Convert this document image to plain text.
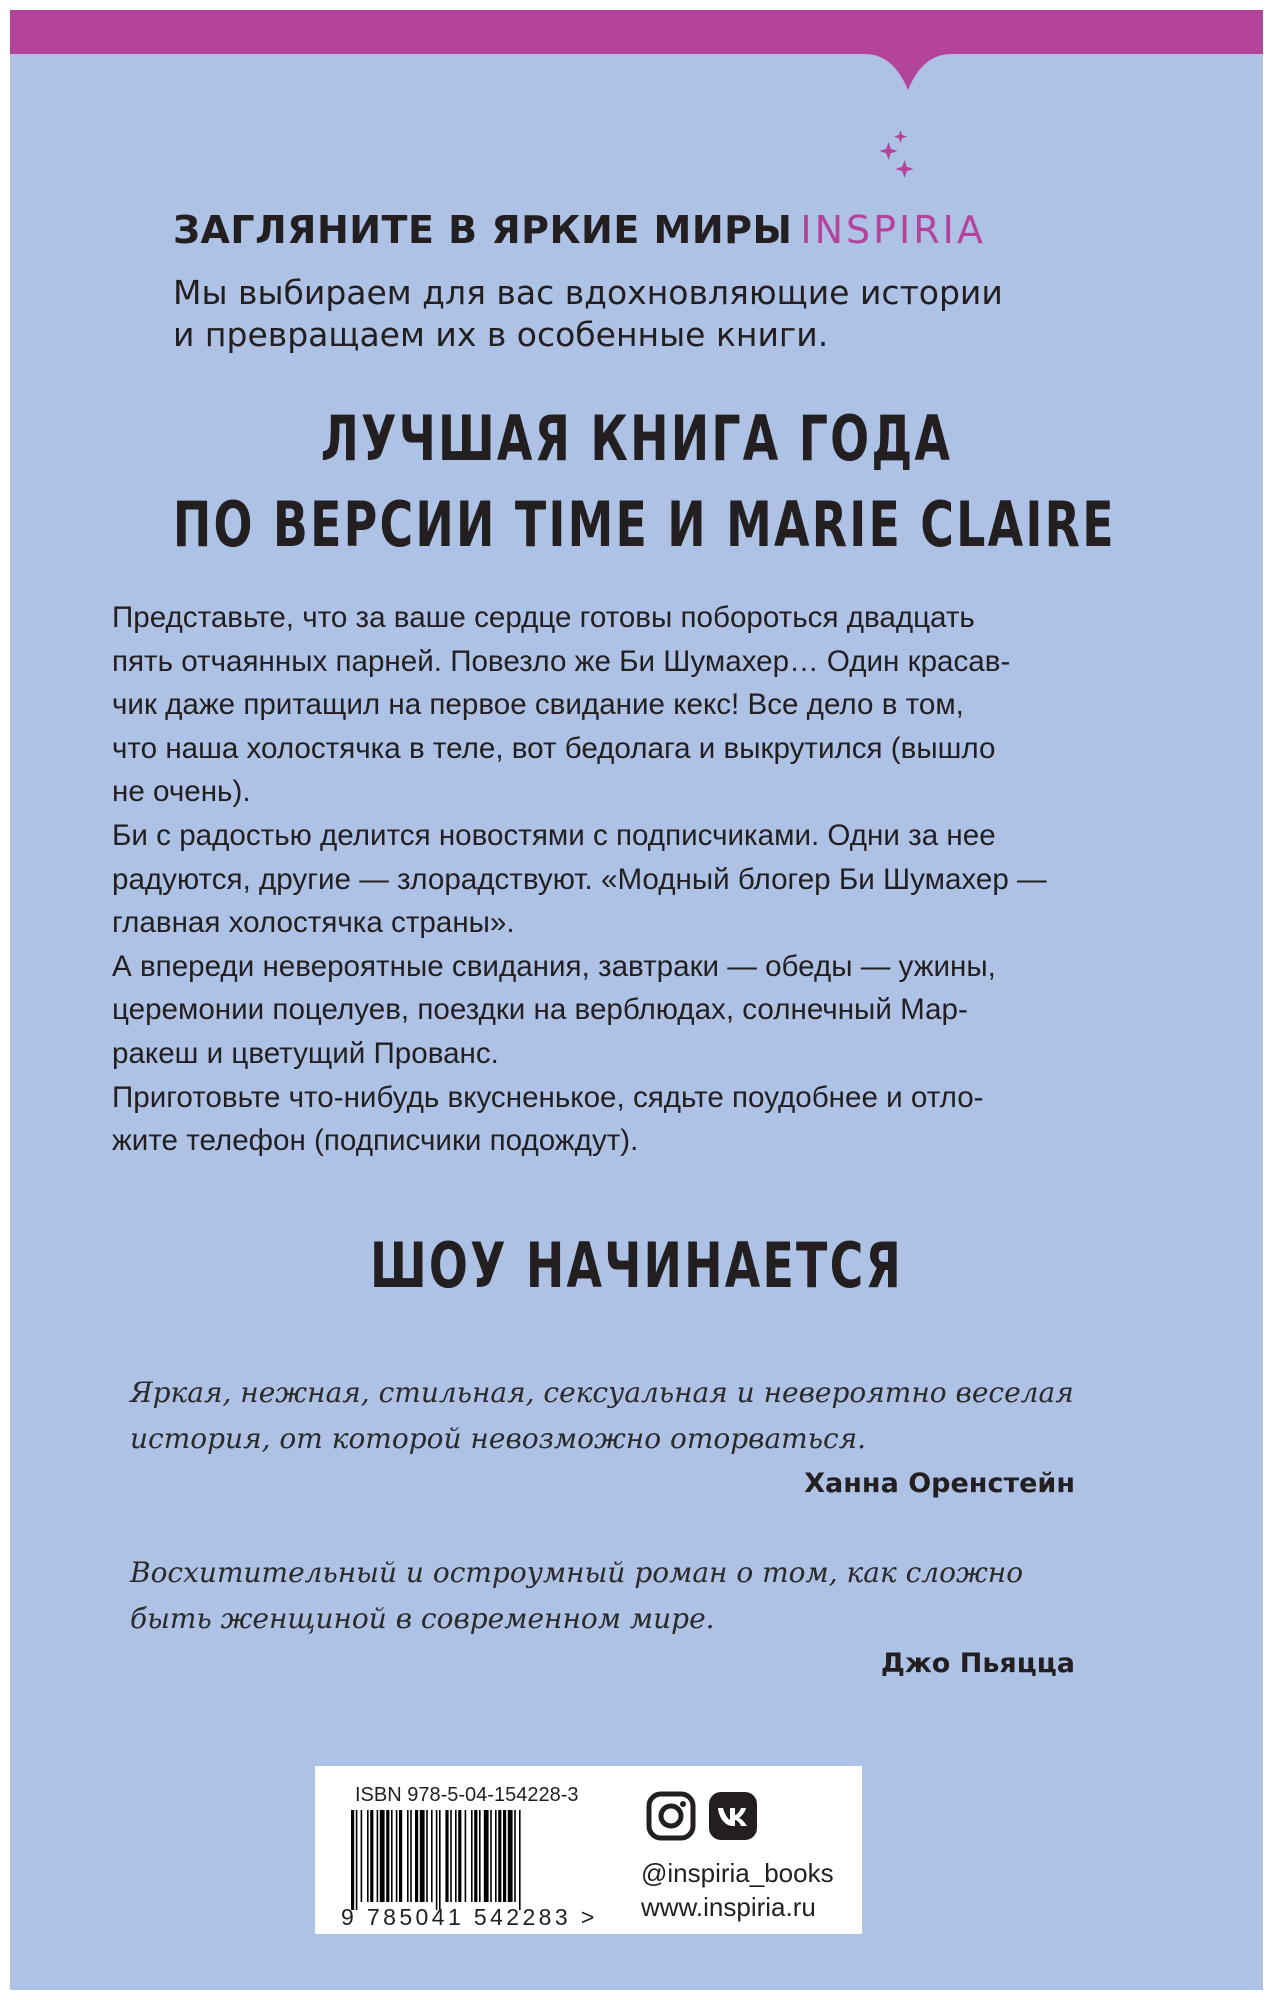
ЗАГЛЯНИТЕ В ЯРКИЕ МИРЫ INSPIRIA
Мы выбираем для вас вдохновляющие истории
и превращаем их в особенные книги.
ЛУЧШАЯ КНИГА ГОДА
ПО ВЕРСИИ TIME И MARIE CLAIRE
Представьте, что за ваше сердце готовы побороться двадцать
пять отчаянных парней. Повезло же Би Шумахер… Один красав-
чик даже притащил на первое свидание кекс! Все дело в том,
что наша холостячка в теле, вот бедолага и выкрутился (вышло
не очень).
Би с радостью делится новостями с подписчиками. Одни за нее
радуются, другие — злорадствуют. «Модный блогер Би Шумахер —
главная холостячка страны».
А впереди невероятные свидания, завтраки — обеды — ужины,
церемонии поцелуев, поездки на верблюдах, солнечный Мар-
ракеш и цветущий Прованс.
Приготовьте что-нибудь вкусненькое, сядьте поудобнее и отло-
жите телефон (подписчики подождут).
ШОУ НАЧИНАЕТСЯ
Яркая, нежная, стильная, сексуальная и невероятно веселая
история, от которой невозможно оторваться.
Ханна Оренстейн
Восхитительный и остроумный роман о том, как сложно
быть женщиной в современном мире.
Джо Пьяцца
ISBN 978-5-04-154228-3
9 785041 542283 >
@inspiria_books
www.inspiria.ru
